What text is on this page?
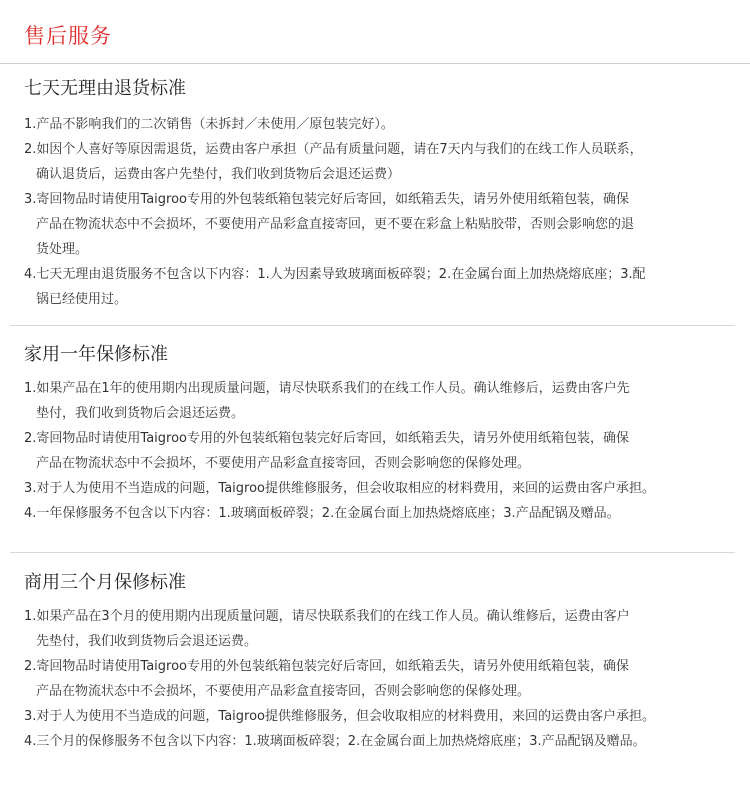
售后服务
七天无理由退货标准
1.产品不影响我们的二次销售（未拆封／未使用／原包装完好）。
2.如因个人喜好等原因需退货，运费由客户承担（产品有质量问题，请在7天内与我们的在线工作人员联系，
确认退货后，运费由客户先垫付，我们收到货物后会退还运费）
3.寄回物品时请使用Taigroo专用的外包装纸箱包装完好后寄回，如纸箱丢失，请另外使用纸箱包装，确保
产品在物流状态中不会损坏，不要使用产品彩盒直接寄回，更不要在彩盒上粘贴胶带，否则会影响您的退
货处理。
4.七天无理由退货服务不包含以下内容：1.人为因素导致玻璃面板碎裂；2.在金属台面上加热烧熔底座；3.配
锅已经使用过。
家用一年保修标准
1.如果产品在1年的使用期内出现质量问题，请尽快联系我们的在线工作人员。确认维修后，运费由客户先
垫付，我们收到货物后会退还运费。
2.寄回物品时请使用Taigroo专用的外包装纸箱包装完好后寄回，如纸箱丢失，请另外使用纸箱包装，确保
产品在物流状态中不会损坏，不要使用产品彩盒直接寄回，否则会影响您的保修处理。
3.对于人为使用不当造成的问题，Taigroo提供维修服务，但会收取相应的材料费用，来回的运费由客户承担。
4.一年保修服务不包含以下内容：1.玻璃面板碎裂；2.在金属台面上加热烧熔底座；3.产品配锅及赠品。
商用三个月保修标准
1.如果产品在3个月的使用期内出现质量问题，请尽快联系我们的在线工作人员。确认维修后，运费由客户
先垫付，我们收到货物后会退还运费。
2.寄回物品时请使用Taigroo专用的外包装纸箱包装完好后寄回，如纸箱丢失，请另外使用纸箱包装，确保
产品在物流状态中不会损坏，不要使用产品彩盒直接寄回，否则会影响您的保修处理。
3.对于人为使用不当造成的问题，Taigroo提供维修服务，但会收取相应的材料费用，来回的运费由客户承担。
4.三个月的保修服务不包含以下内容：1.玻璃面板碎裂；2.在金属台面上加热烧熔底座；3.产品配锅及赠品。
